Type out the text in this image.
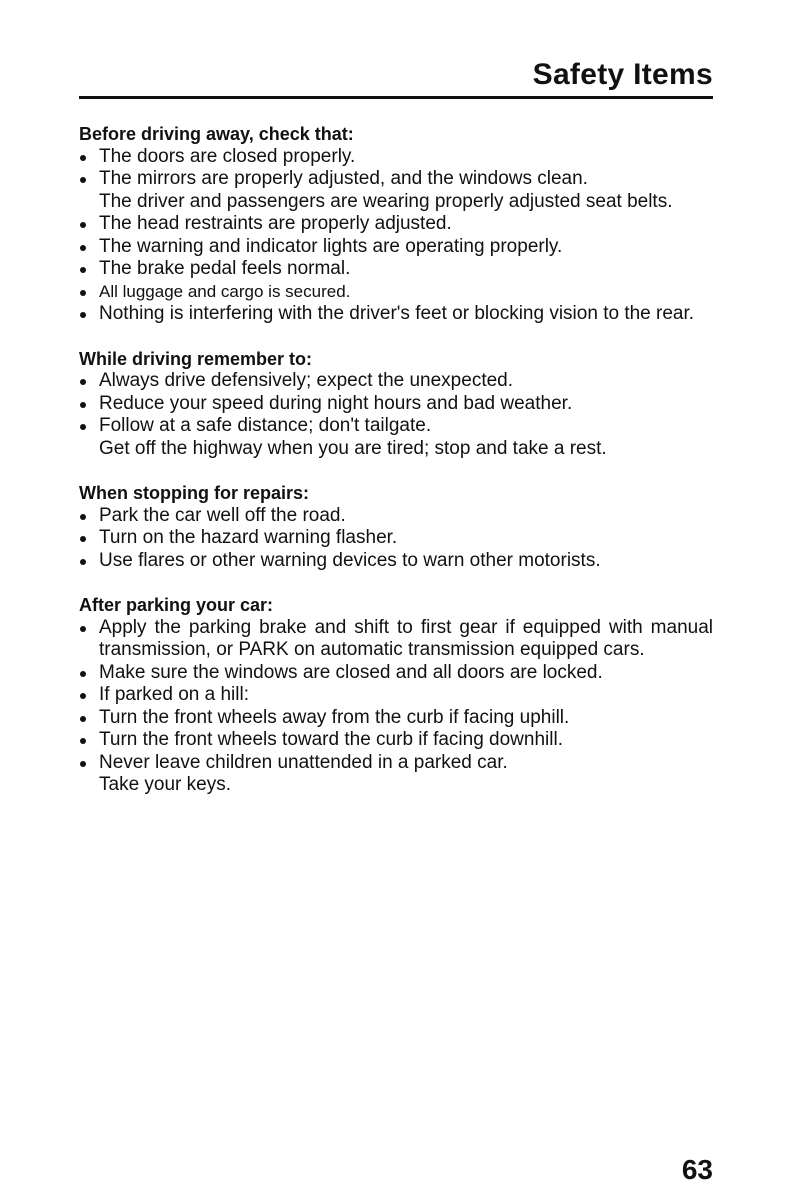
Safety Items
Before driving away, check that:
The doors are closed properly.
The mirrors are properly adjusted, and the windows clean.
The driver and passengers are wearing properly adjusted seat belts.
The head restraints are properly adjusted.
The warning and indicator lights are operating properly.
The brake pedal feels normal.
All luggage and cargo is secured.
Nothing is interfering with the driver's feet or blocking vision to the rear.
While driving remember to:
Always drive defensively; expect the unexpected.
Reduce your speed during night hours and bad weather.
Follow at a safe distance; don't tailgate.
Get off the highway when you are tired; stop and take a rest.
When stopping for repairs:
Park the car well off the road.
Turn on the hazard warning flasher.
Use flares or other warning devices to warn other motorists.
After parking your car:
Apply the parking brake and shift to first gear if equipped with manual transmission, or PARK on automatic transmission equipped cars.
Make sure the windows are closed and all doors are locked.
If parked on a hill:
Turn the front wheels away from the curb if facing uphill.
Turn the front wheels toward the curb if facing downhill.
Never leave children unattended in a parked car.
Take your keys.
63
